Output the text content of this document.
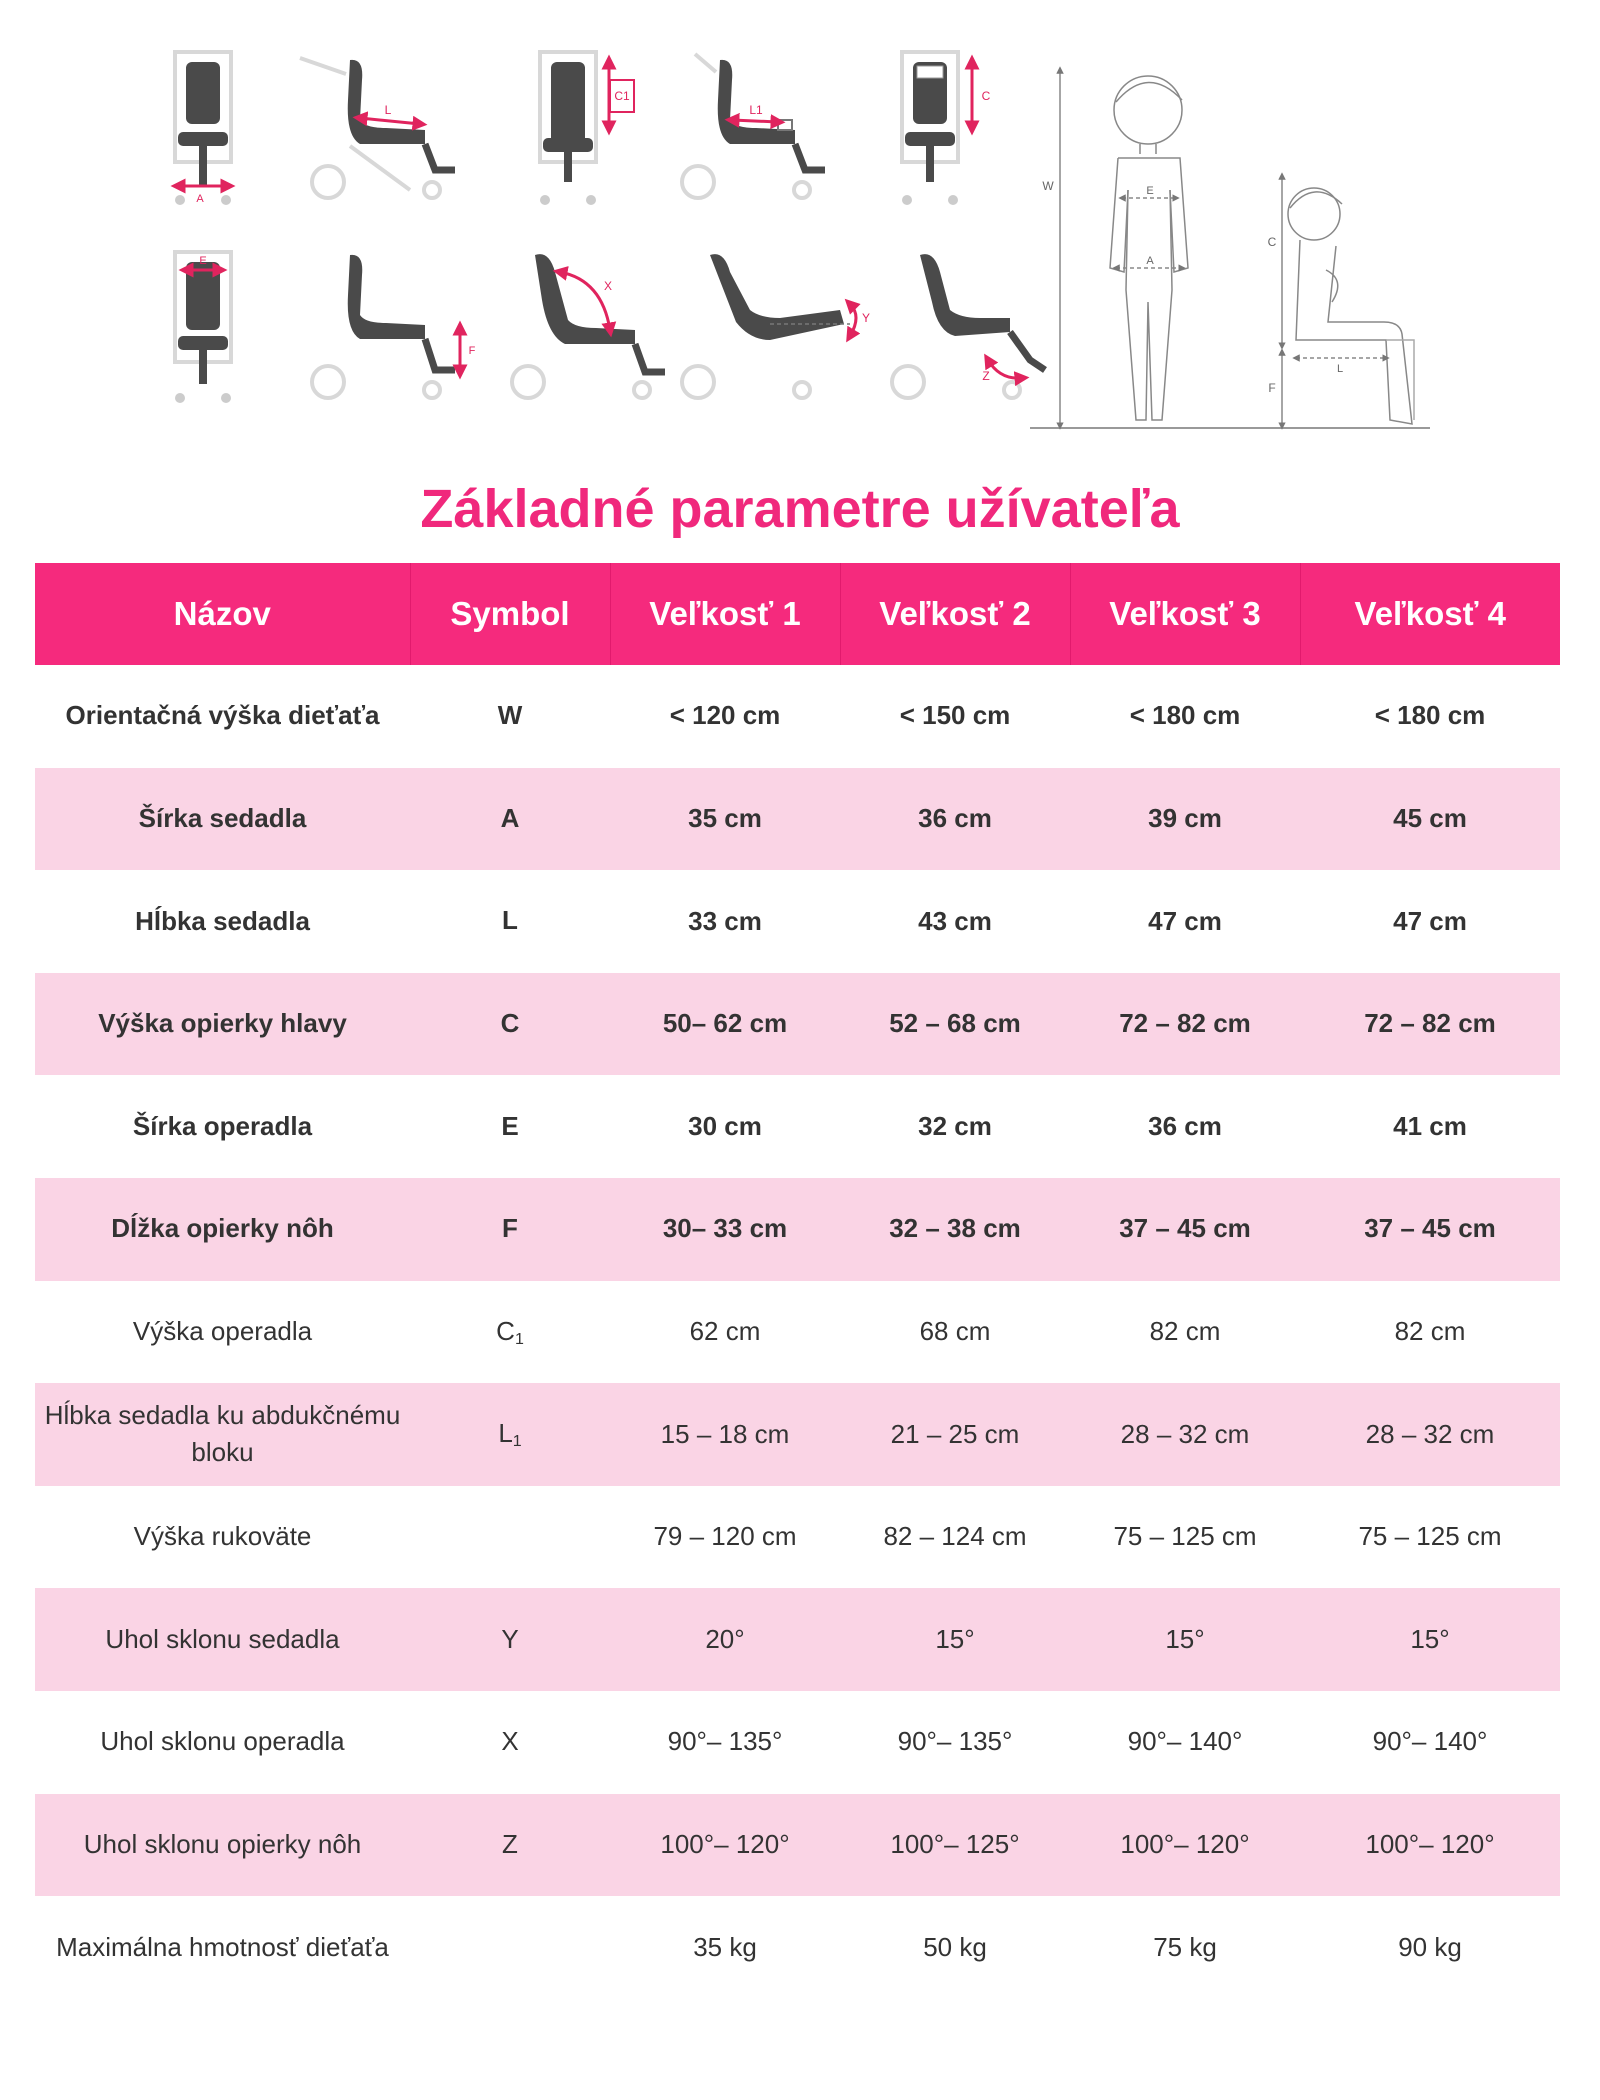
A
L
C1
L1
C
E
F
X
Y
Z
W	E
A
C
L
F
Základné parametre užívateľa
Názov	Symbol	Veľkosť 1	Veľkosť 2	Veľkosť 3	Veľkosť 4
Orientačná výška dieťaťa	W	< 120 cm	< 150 cm	< 180 cm	< 180 cm
Šírka sedadla	A	35 cm	36 cm	39 cm	45 cm
Hĺbka sedadla	L	33 cm	43 cm	47 cm	47 cm
Výška opierky hlavy	C	50– 62 cm	52 – 68 cm	72 – 82 cm	72 – 82 cm
Šírka operadla	E	30 cm	32 cm	36 cm	41 cm
Dĺžka opierky nôh	F	30– 33 cm	32 – 38 cm	37 – 45 cm	37 – 45 cm
Výška operadla	$C_1$	62 cm	68 cm	82 cm	82 cm
Hĺbka sedadla ku abdukčnému bloku	$L_1$	15 – 18 cm	21 – 25 cm	28 – 32 cm	28 – 32 cm
Výška rukoväte		79 – 120 cm	82 – 124 cm	75 – 125 cm	75 – 125 cm
Uhol sklonu sedadla	Y	20°	15°	15°	15°
Uhol sklonu operadla	X	90°– 135°	90°– 135°	90°– 140°	90°– 140°
Uhol sklonu opierky nôh	Z	100°– 120°	100°– 125°	100°– 120°	100°– 120°
Maximálna hmotnosť dieťaťa		35 kg	50 kg	75 kg	90 kg
